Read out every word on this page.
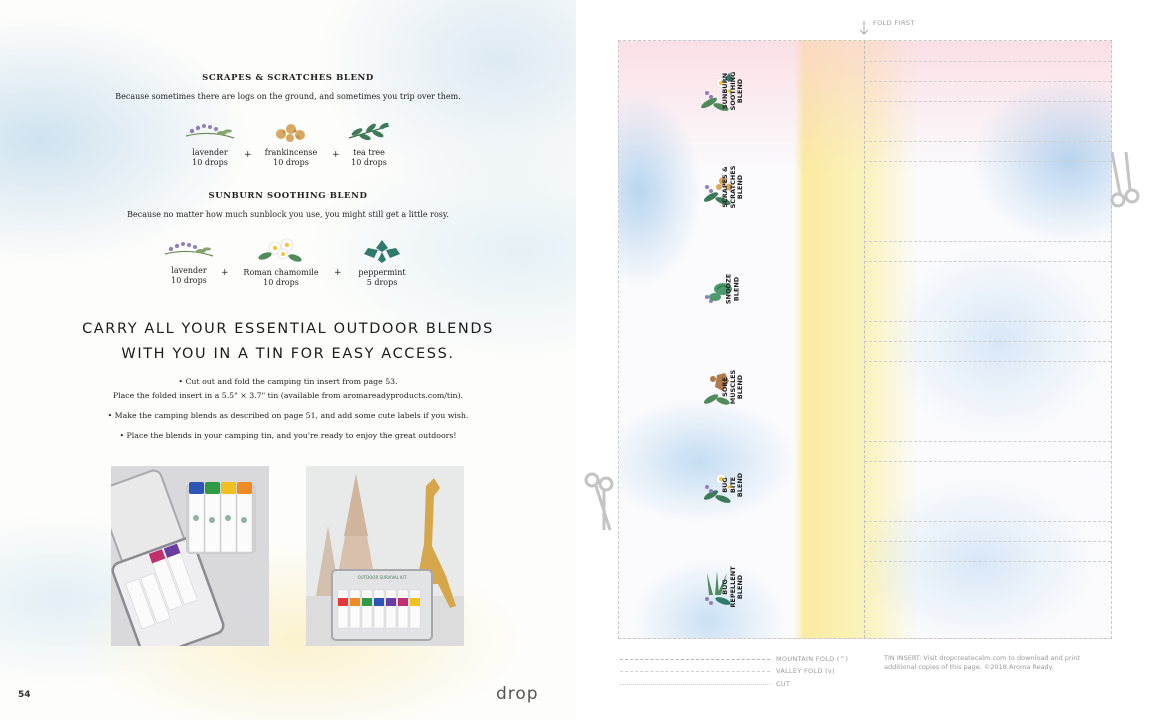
SCRAPES & SCRATCHES BLEND
Because sometimes there are logs on the ground, and sometimes you trip over them.
lavender
10 drops
+	frankincense
10 drops
+	tea tree
10 drops
SUNBURN SOOTHING BLEND
Because no matter how much sunblock you use, you might still get a little rosy.
lavender
10 drops
+	Roman chamomile
10 drops
+	peppermint
5 drops
CARRY ALL YOUR ESSENTIAL OUTDOOR BLENDS
WITH YOU IN A TIN FOR EASY ACCESS.
• Cut out and fold the camping tin insert from page 53.
Place the folded insert in a 5.5" × 3.7" tin (available from aromareadyproducts.com/tin).
• Make the camping blends as described on page 51, and add some cute labels if you wish.
• Place the blends in your camping tin, and you're ready to enjoy the great outdoors!
OUTDOOR SURVIVAL KIT
54	drop
FOLD FIRST
SUNBURN SOOTHING BLEND
SCRAPES & SCRATCHES BLEND
SNOOZE BLEND
SORE MUSCLES BLEND
BUG BITE BLEND
BUG REPELLENT BLEND
MOUNTAIN FOLD (^)
VALLEY FOLD (v)
CUT
TIN INSERT: Visit dropcreatecalm.com to download and print additional copies of this page. ©2018 Aroma Ready.
